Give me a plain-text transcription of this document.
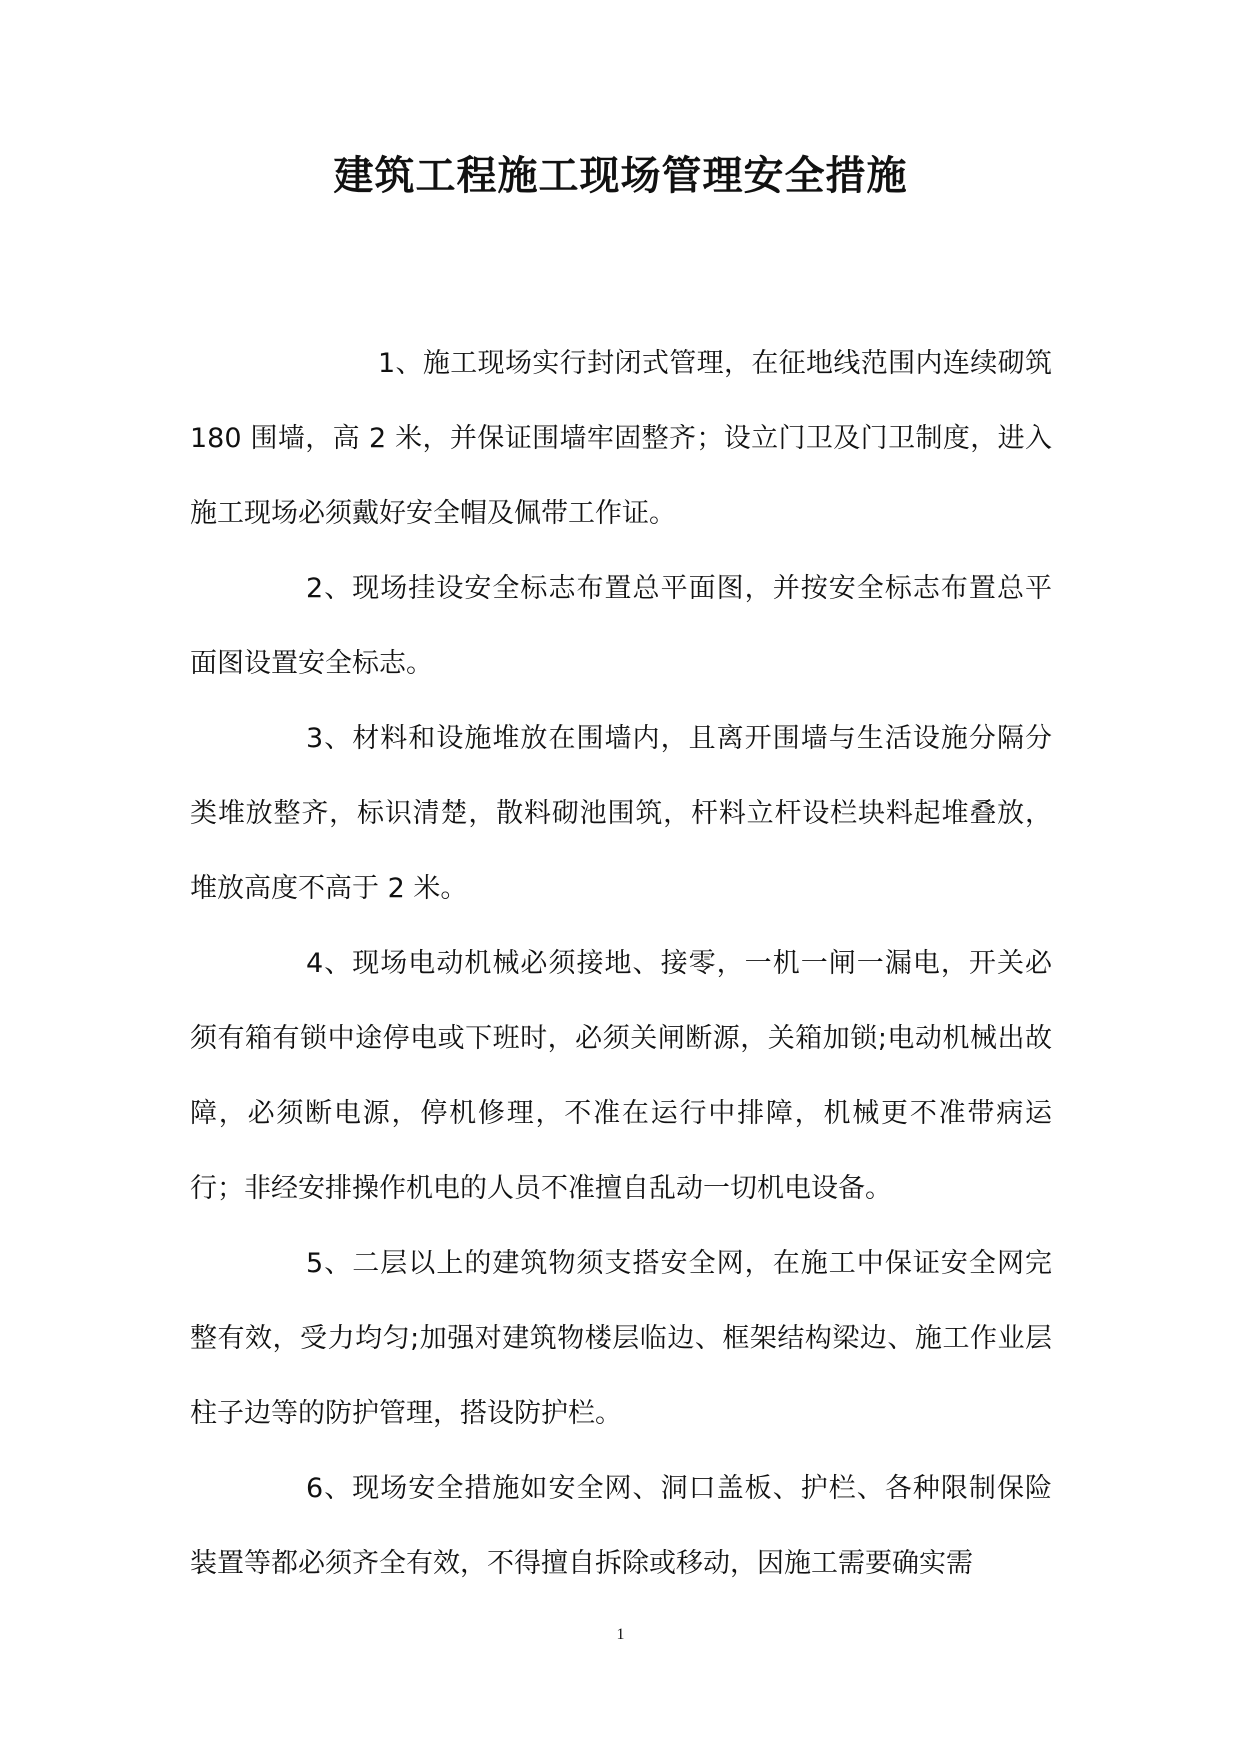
建筑工程施工现场管理安全措施

1、施工现场实行封闭式管理，在征地线范围内连续砌筑 180 围墙，高 2 米，并保证围墙牢固整齐；设立门卫及门卫制度，进入施工现场必须戴好安全帽及佩带工作证。

2、现场挂设安全标志布置总平面图，并按安全标志布置总平面图设置安全标志。

3、材料和设施堆放在围墙内，且离开围墙与生活设施分隔分类堆放整齐，标识清楚，散料砌池围筑，杆料立杆设栏块料起堆叠放，堆放高度不高于 2 米。

4、现场电动机械必须接地、接零，一机一闸一漏电，开关必须有箱有锁中途停电或下班时，必须关闸断源，关箱加锁;电动机械出故障，必须断电源，停机修理，不准在运行中排障，机械更不准带病运行；非经安排操作机电的人员不准擅自乱动一切机电设备。

5、二层以上的建筑物须支搭安全网，在施工中保证安全网完整有效，受力均匀;加强对建筑物楼层临边、框架结构梁边、施工作业层柱子边等的防护管理，搭设防护栏。

6、现场安全措施如安全网、洞口盖板、护栏、各种限制保险装置等都必须齐全有效，不得擅自拆除或移动，因施工需要确实需

1
